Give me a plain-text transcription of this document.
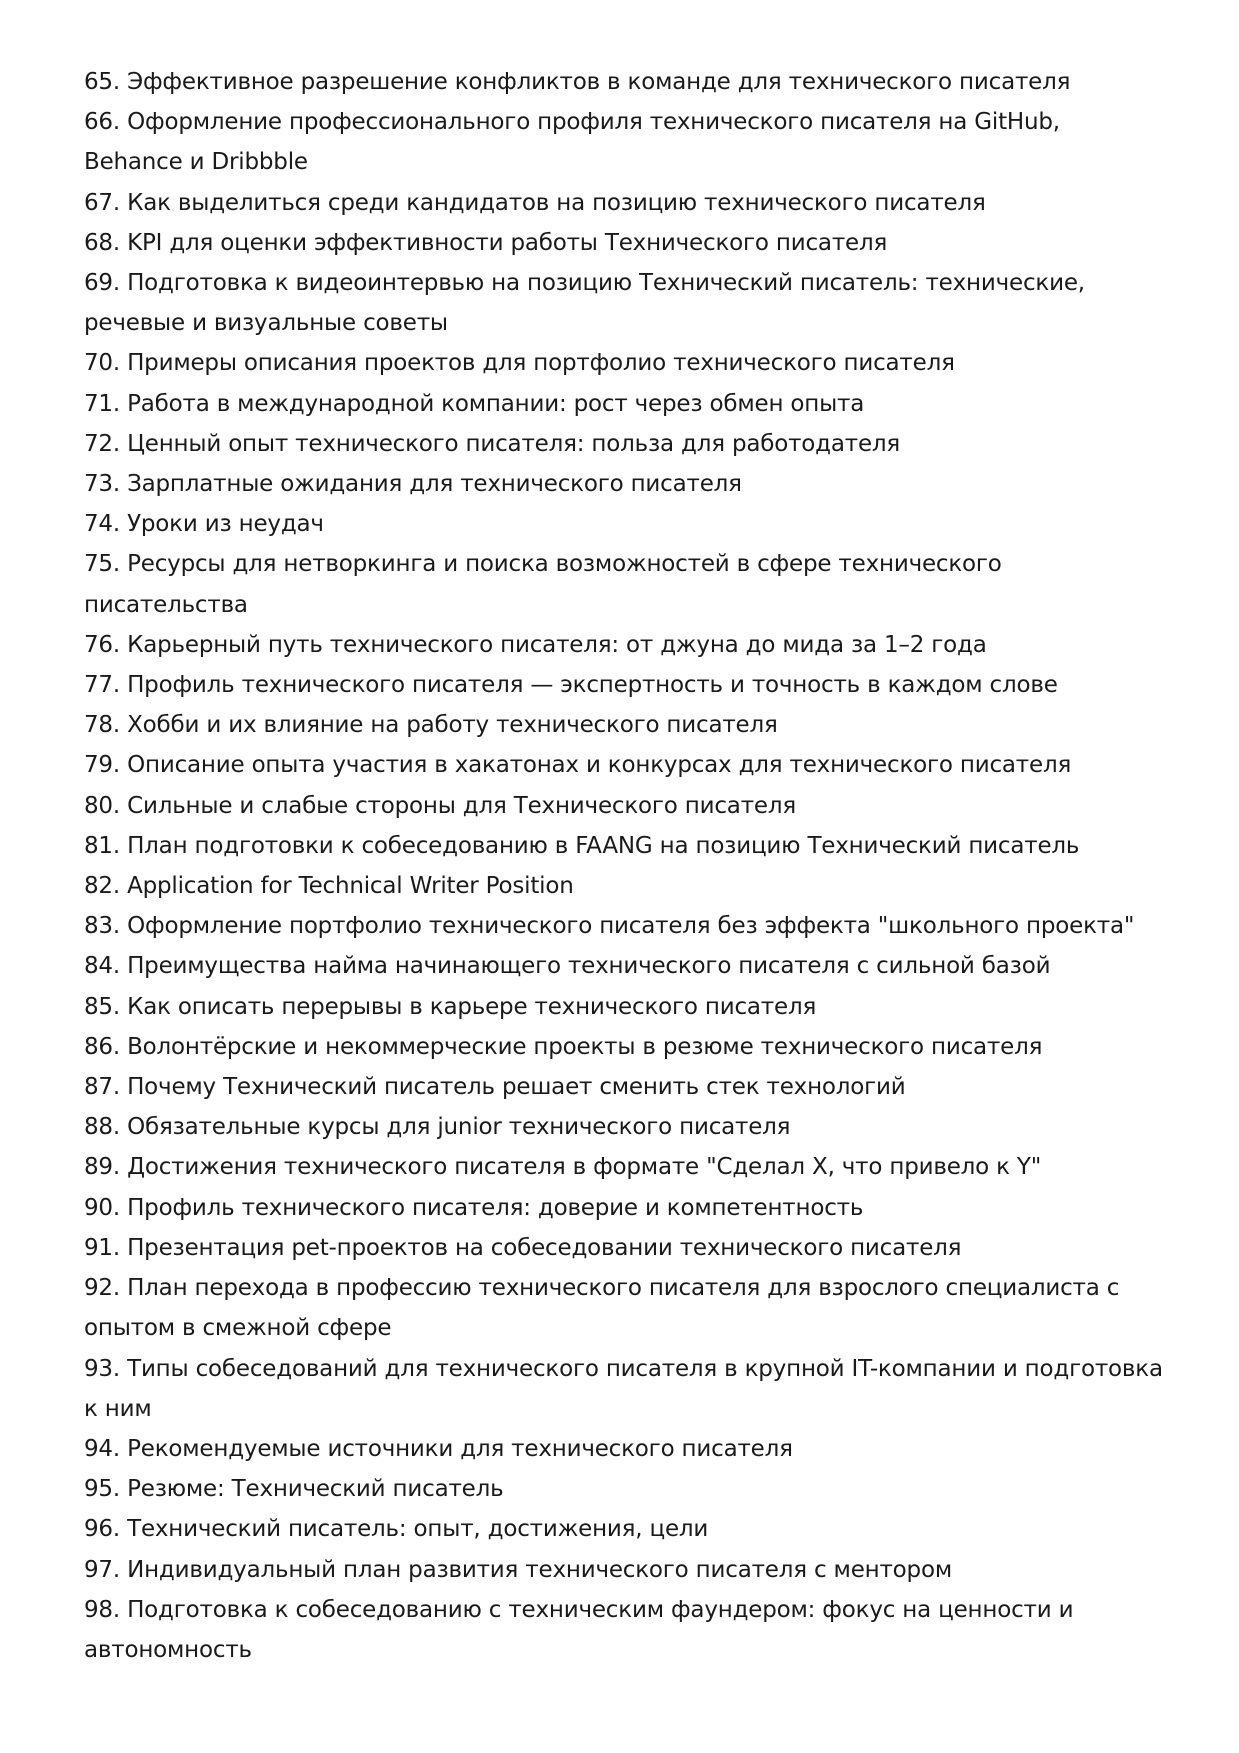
65. Эффективное разрешение конфликтов в команде для технического писателя

66. Оформление профессионального профиля технического писателя на GitHub, Behance и Dribbble

67. Как выделиться среди кандидатов на позицию технического писателя

68. KPI для оценки эффективности работы Технического писателя

69. Подготовка к видеоинтервью на позицию Технический писатель: технические, речевые и визуальные советы

70. Примеры описания проектов для портфолио технического писателя

71. Работа в международной компании: рост через обмен опыта

72. Ценный опыт технического писателя: польза для работодателя

73. Зарплатные ожидания для технического писателя

74. Уроки из неудач

75. Ресурсы для нетворкинга и поиска возможностей в сфере технического писательства

76. Карьерный путь технического писателя: от джуна до мида за 1–2 года

77. Профиль технического писателя — экспертность и точность в каждом слове

78. Хобби и их влияние на работу технического писателя

79. Описание опыта участия в хакатонах и конкурсах для технического писателя

80. Сильные и слабые стороны для Технического писателя

81. План подготовки к собеседованию в FAANG на позицию Технический писатель

82. Application for Technical Writer Position

83. Оформление портфолио технического писателя без эффекта "школьного проекта"

84. Преимущества найма начинающего технического писателя с сильной базой

85. Как описать перерывы в карьере технического писателя

86. Волонтёрские и некоммерческие проекты в резюме технического писателя

87. Почему Технический писатель решает сменить стек технологий

88. Обязательные курсы для junior технического писателя

89. Достижения технического писателя в формате "Сделал X, что привело к Y"

90. Профиль технического писателя: доверие и компетентность

91. Презентация pet-проектов на собеседовании технического писателя

92. План перехода в профессию технического писателя для взрослого специалиста с опытом в смежной сфере

93. Типы собеседований для технического писателя в крупной IT-компании и подготовка к ним

94. Рекомендуемые источники для технического писателя

95. Резюме: Технический писатель

96. Технический писатель: опыт, достижения, цели

97. Индивидуальный план развития технического писателя с ментором

98. Подготовка к собеседованию с техническим фаундером: фокус на ценности и автономность
